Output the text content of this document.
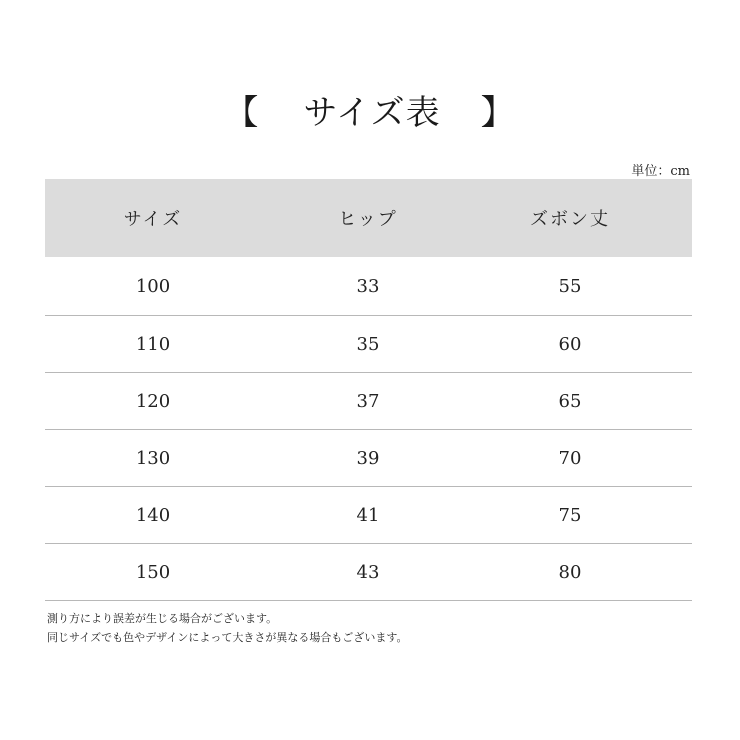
【 サイズ表 】
単位：cm
サイズ	ヒップ	ズボン丈
100	33	55
110	35	60
120	37	65
130	39	70
140	41	75
150	43	80
測り方により誤差が生じる場合がございます。
同じサイズでも色やデザインによって大きさが異なる場合もございます。
